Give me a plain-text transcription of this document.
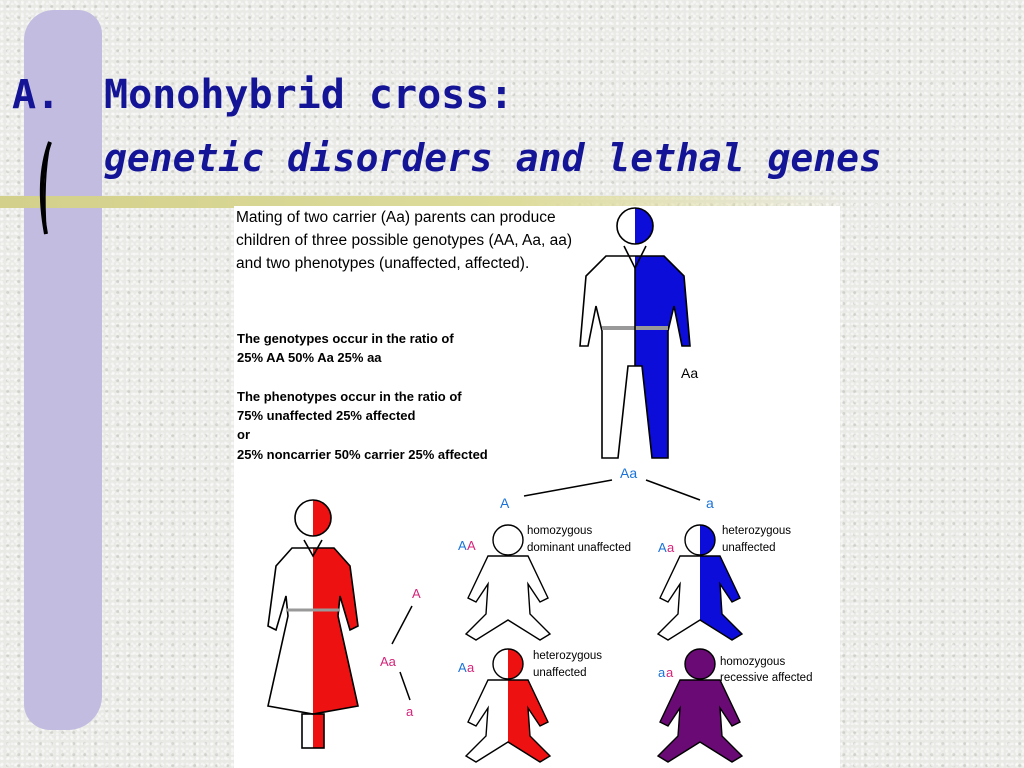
A. Monohybrid cross:
genetic disorders and lethal genes
Mating of two carrier (Aa) parents can produce children of three possible genotypes (AA, Aa, aa) and two phenotypes (unaffected, affected).
The genotypes occur in the ratio of
25% AA 50% Aa 25% aa
The phenotypes occur in the ratio of
75% unaffected 25% affected
or
25% noncarrier 50% carrier 25% affected
Aa
Aa
A	a
Aa
A
a
A A
homozygous
dominant unaffected A a
heterozygous
unaffected
A a
heterozygous
unaffected	a a
homozygous
recessive affected
